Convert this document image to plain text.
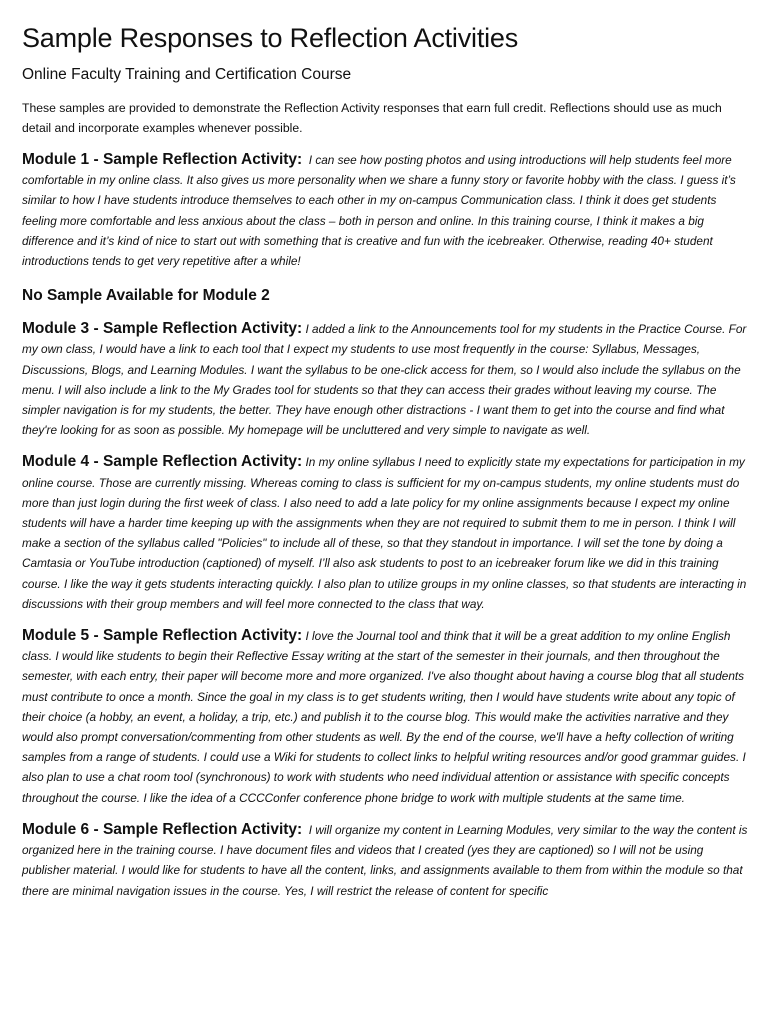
Sample Responses to Reflection Activities
Online Faculty Training and Certification Course

These samples are provided to demonstrate the Reflection Activity responses that earn full credit. Reflections should use as much detail and incorporate examples whenever possible.

Module 1 - Sample Reflection Activity: I can see how posting photos and using introductions will help students feel more comfortable in my online class. It also gives us more personality when we share a funny story or favorite hobby with the class. I guess it’s similar to how I have students introduce themselves to each other in my on-campus Communication class. I think it does get students feeling more comfortable and less anxious about the class – both in person and online. In this training course, I think it makes a big difference and it’s kind of nice to start out with something that is creative and fun with the icebreaker. Otherwise, reading 40+ student introductions tends to get very repetitive after a while!

No Sample Available for Module 2

Module 3 - Sample Reflection Activity: I added a link to the Announcements tool for my students in the Practice Course. For my own class, I would have a link to each tool that I expect my students to use most frequently in the course: Syllabus, Messages, Discussions, Blogs, and Learning Modules. I want the syllabus to be one-click access for them, so I would also include the syllabus on the menu. I will also include a link to the My Grades tool for students so that they can access their grades without leaving my course. The simpler navigation is for my students, the better. They have enough other distractions - I want them to get into the course and find what they're looking for as soon as possible. My homepage will be uncluttered and very simple to navigate as well.

Module 4 - Sample Reflection Activity: In my online syllabus I need to explicitly state my expectations for participation in my online course. Those are currently missing. Whereas coming to class is sufficient for my on-campus students, my online students must do more than just login during the first week of class. I also need to add a late policy for my online assignments because I expect my online students will have a harder time keeping up with the assignments when they are not required to submit them to me in person. I think I will make a section of the syllabus called "Policies" to include all of these, so that they standout in importance. I will set the tone by doing a Camtasia or YouTube introduction (captioned) of myself. I’ll also ask students to post to an icebreaker forum like we did in this training course. I like the way it gets students interacting quickly. I also plan to utilize groups in my online classes, so that students are interacting in discussions with their group members and will feel more connected to the class that way.

Module 5 - Sample Reflection Activity: I love the Journal tool and think that it will be a great addition to my online English class. I would like students to begin their Reflective Essay writing at the start of the semester in their journals, and then throughout the semester, with each entry, their paper will become more and more organized. I've also thought about having a course blog that all students must contribute to once a month. Since the goal in my class is to get students writing, then I would have students write about any topic of their choice (a hobby, an event, a holiday, a trip, etc.) and publish it to the course blog. This would make the activities narrative and they would also prompt conversation/commenting from other students as well. By the end of the course, we'll have a hefty collection of writing samples from a range of students. I could use a Wiki for students to collect links to helpful writing resources and/or good grammar guides. I also plan to use a chat room tool (synchronous) to work with students who need individual attention or assistance with specific concepts throughout the course. I like the idea of a CCCConfer conference phone bridge to work with multiple students at the same time.

Module 6 - Sample Reflection Activity: I will organize my content in Learning Modules, very similar to the way the content is organized here in the training course. I have document files and videos that I created (yes they are captioned) so I will not be using publisher material. I would like for students to have all the content, links, and assignments available to them from within the module so that there are minimal navigation issues in the course. Yes, I will restrict the release of content for specific
